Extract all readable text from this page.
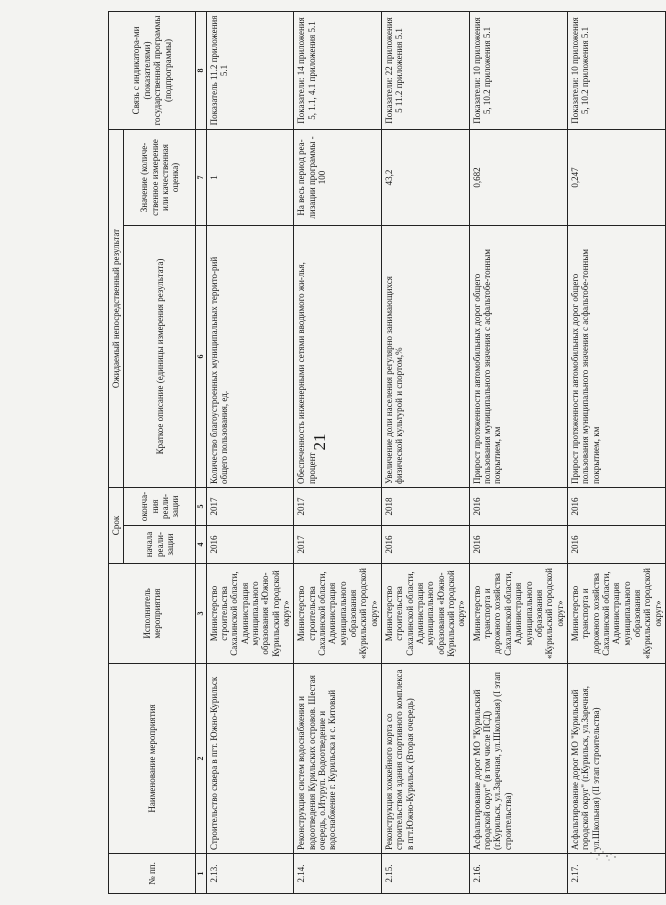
21
№ пп.	Наименование мероприятия	Исполнитель мероприятия	Срок		Ожидаемый непосредственный результат		Связь с индикатора-ми (показателями) государственной программы (подпрограммы)
			начала реали-зации	оконча-ния реали-зации	Краткое описание (единицы измерения результата)	Значение (количе-ственное измерение или качественная оценка)	

1	2	3	4	5	6	7	8
2.13.	Строительство сквера в пгт. Южно-Курильск	Министерство строительства Сахалинской области, Администрация муниципального образования «Южно-Курильский городской округ»	2016	2017	Количество благоустроенных муниципальных террито-рий общего пользования, ед.	1	Показатель 11.2 приложения 5.1
2.14.	Реконструкция систем водоснабжения и водоотведения Курильских островов. Шестая очередь, о.Итуруп. Водоотведение и водоснабжение г. Курильска и с. Китовый	Министерство строительства Сахалинской области, Администрация муниципального образования «Курильский городской округ»	2017	2017	Обеспеченность инженерными сетями вводимого жи-лья, процент	На весь период реа-лизации программы - 100	Показатели: 14 приложения 5, 1.1, 4.1 приложения 5.1
2.15.	Реконструкция хоккейного корта со строительством здания спортивного комплекса в пгт.Южно-Курильск (Вторая очередь)	Министерство строительства Сахалинской области, Администрация муниципального образования «Южно-Курильский городской округ»	2016	2018	Увеличение доли населения регулярно занимающихся физической культурой и спортом,%	43,2	Показатели: 22 приложения 5 11.2 приложения 5.1
2.16.	Асфальтирование дорог МО "Курильский городской округ" (в том числе ПСД) (г.Курильск, ул.Заречная, ул.Школьная) (I этап строительства)	Министерство транспорта и дорожного хозяйства Сахалинской области, Администрация муниципального образования «Курильский городской округ»	2016	2016	Прирост протяженности автомобильных дорог общего пользования муниципального значения с асфальтобе-тонным покрытием, км	0,682	Показатели: 10 приложения 5, 10.2 приложения 5.1
2.17.	Асфальтирование дорог МО "Курильский городской округ" (г.Курильск, ул.Заречная, ул.Школьная) (II этап строительства)	Министерство транспорта и дорожного хозяйства Сахалинской области, Администрация муниципального образования «Курильский городской округ»	2016	2016	Прирост протяженности автомобильных дорог общего пользования муниципального значения с асфальтобе-тонным покрытием, км	0,247	Показатели: 10 приложения 5, 10.2 приложения 5.1
